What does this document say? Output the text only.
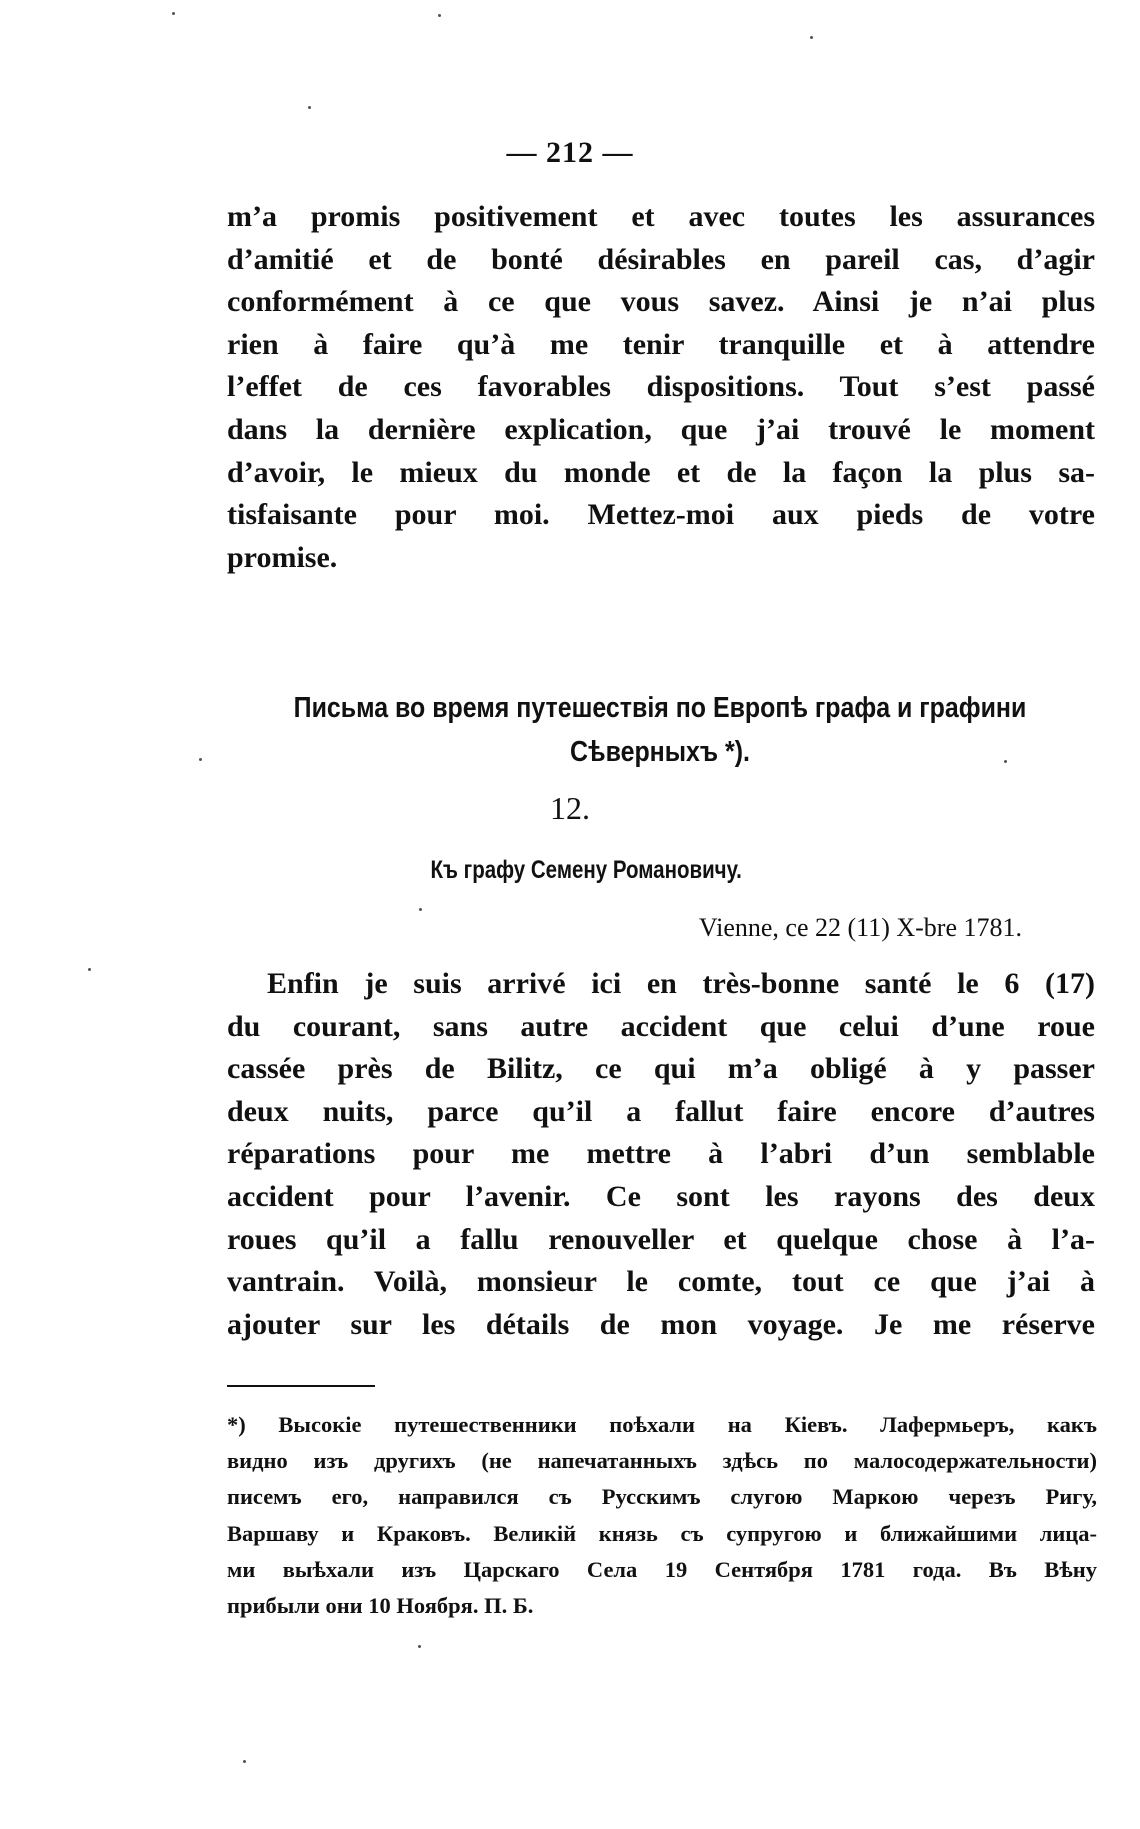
— 212 —
m’a promis positivement et avec toutes les assurances
d’amitié et de bonté désirables en pareil cas, d’agir
conformément à ce que vous savez. Ainsi je n’ai plus
rien à faire qu’à me tenir tranquille et à attendre
l’effet de ces favorables dispositions. Tout s’est passé
dans la dernière explication, que j’ai trouvé le moment
d’avoir, le mieux du monde et de la façon la plus sa-
tisfaisante pour moi. Mettez-moi aux pieds de votre
promise.
Письма во время путешествія по Европѣ графа и графини
Сѣверныхъ *).
12.
Къ графу Семену Романовичу.
Vienne, ce 22 (11) X-bre 1781.
Enfin je suis arrivé ici en très-bonne santé le 6 (17)
du courant, sans autre accident que celui d’une roue
cassée près de Bilitz, ce qui m’a obligé à y passer
deux nuits, parce qu’il a fallut faire encore d’autres
réparations pour me mettre à l’abri d’un semblable
accident pour l’avenir. Ce sont les rayons des deux
roues qu’il a fallu renouveller et quelque chose à l’a-
vantrain. Voilà, monsieur le comte, tout ce que j’ai à
ajouter sur les détails de mon voyage. Je me réserve
*) Высокіе путешественники поѣхали на Кіевъ. Лафермьеръ, какъ
видно изъ другихъ (не напечатанныхъ здѣсь по малосодержательности)
писемъ его, направился съ Русскимъ слугою Маркою черезъ Ригу,
Варшаву и Краковъ. Великій князь съ супругою и ближайшими лица-
ми выѣхали изъ Царскаго Села 19 Сентября 1781 года. Въ Вѣну
прибыли они 10 Ноября. П. Б.
